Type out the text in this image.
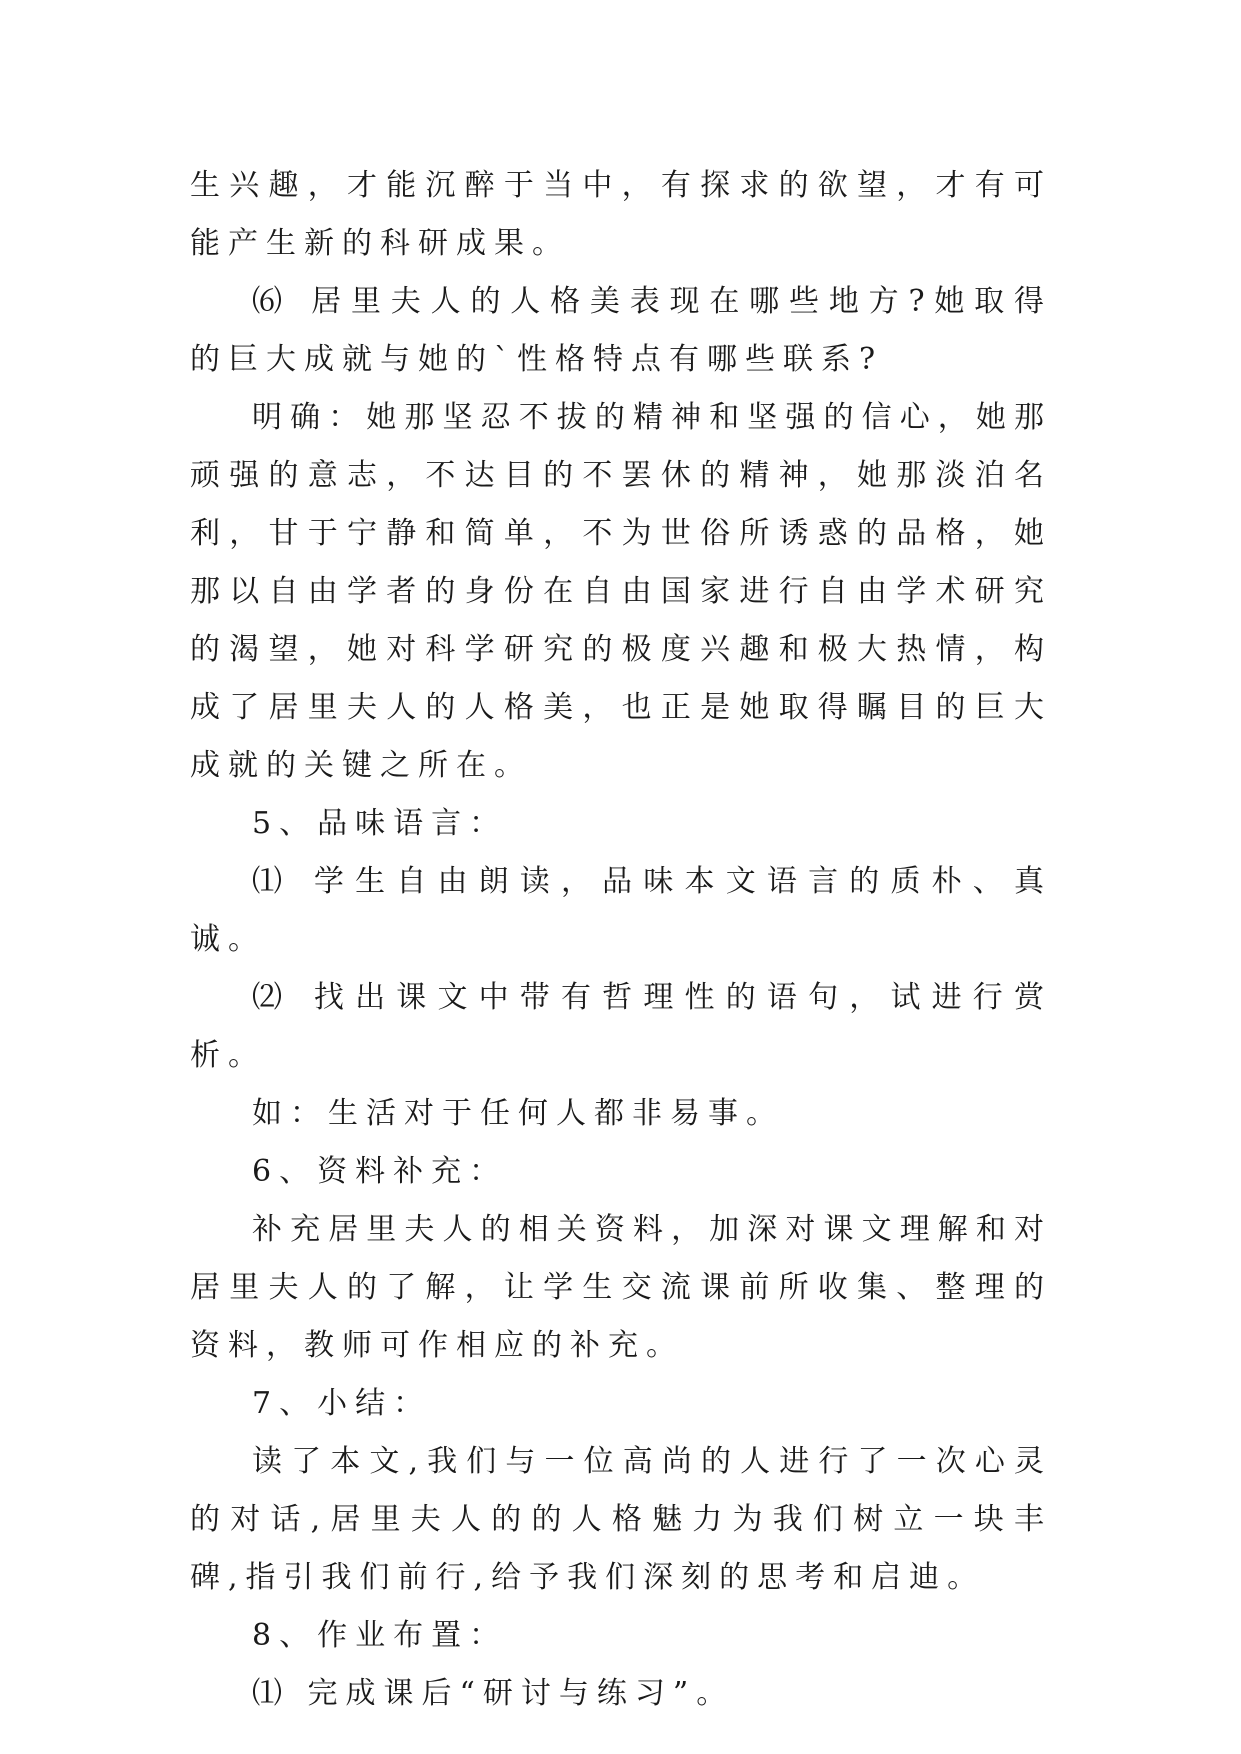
生兴趣，才能沉醉于当中，有探求的欲望，才有可能产生新的科研成果。

⑹ 居里夫人的人格美表现在哪些地方?她取得的巨大成就与她的`性格特点有哪些联系?

明确：她那坚忍不拔的精神和坚强的信心，她那顽强的意志，不达目的不罢休的精神，她那淡泊名利，甘于宁静和简单，不为世俗所诱惑的品格，她那以自由学者的身份在自由国家进行自由学术研究的渴望，她对科学研究的极度兴趣和极大热情，构成了居里夫人的人格美，也正是她取得瞩目的巨大成就的关键之所在。

5、品味语言：

⑴ 学生自由朗读，品味本文语言的质朴、真诚。

⑵ 找出课文中带有哲理性的语句，试进行赏析。

如：生活对于任何人都非易事。

6、资料补充：

补充居里夫人的相关资料，加深对课文理解和对居里夫人的了解，让学生交流课前所收集、整理的资料，教师可作相应的补充。

7、小结：

读了本文,我们与一位高尚的人进行了一次心灵的对话,居里夫人的的人格魅力为我们树立一块丰碑,指引我们前行,给予我们深刻的思考和启迪。

8、作业布置：

⑴ 完成课后“研讨与练习”。
